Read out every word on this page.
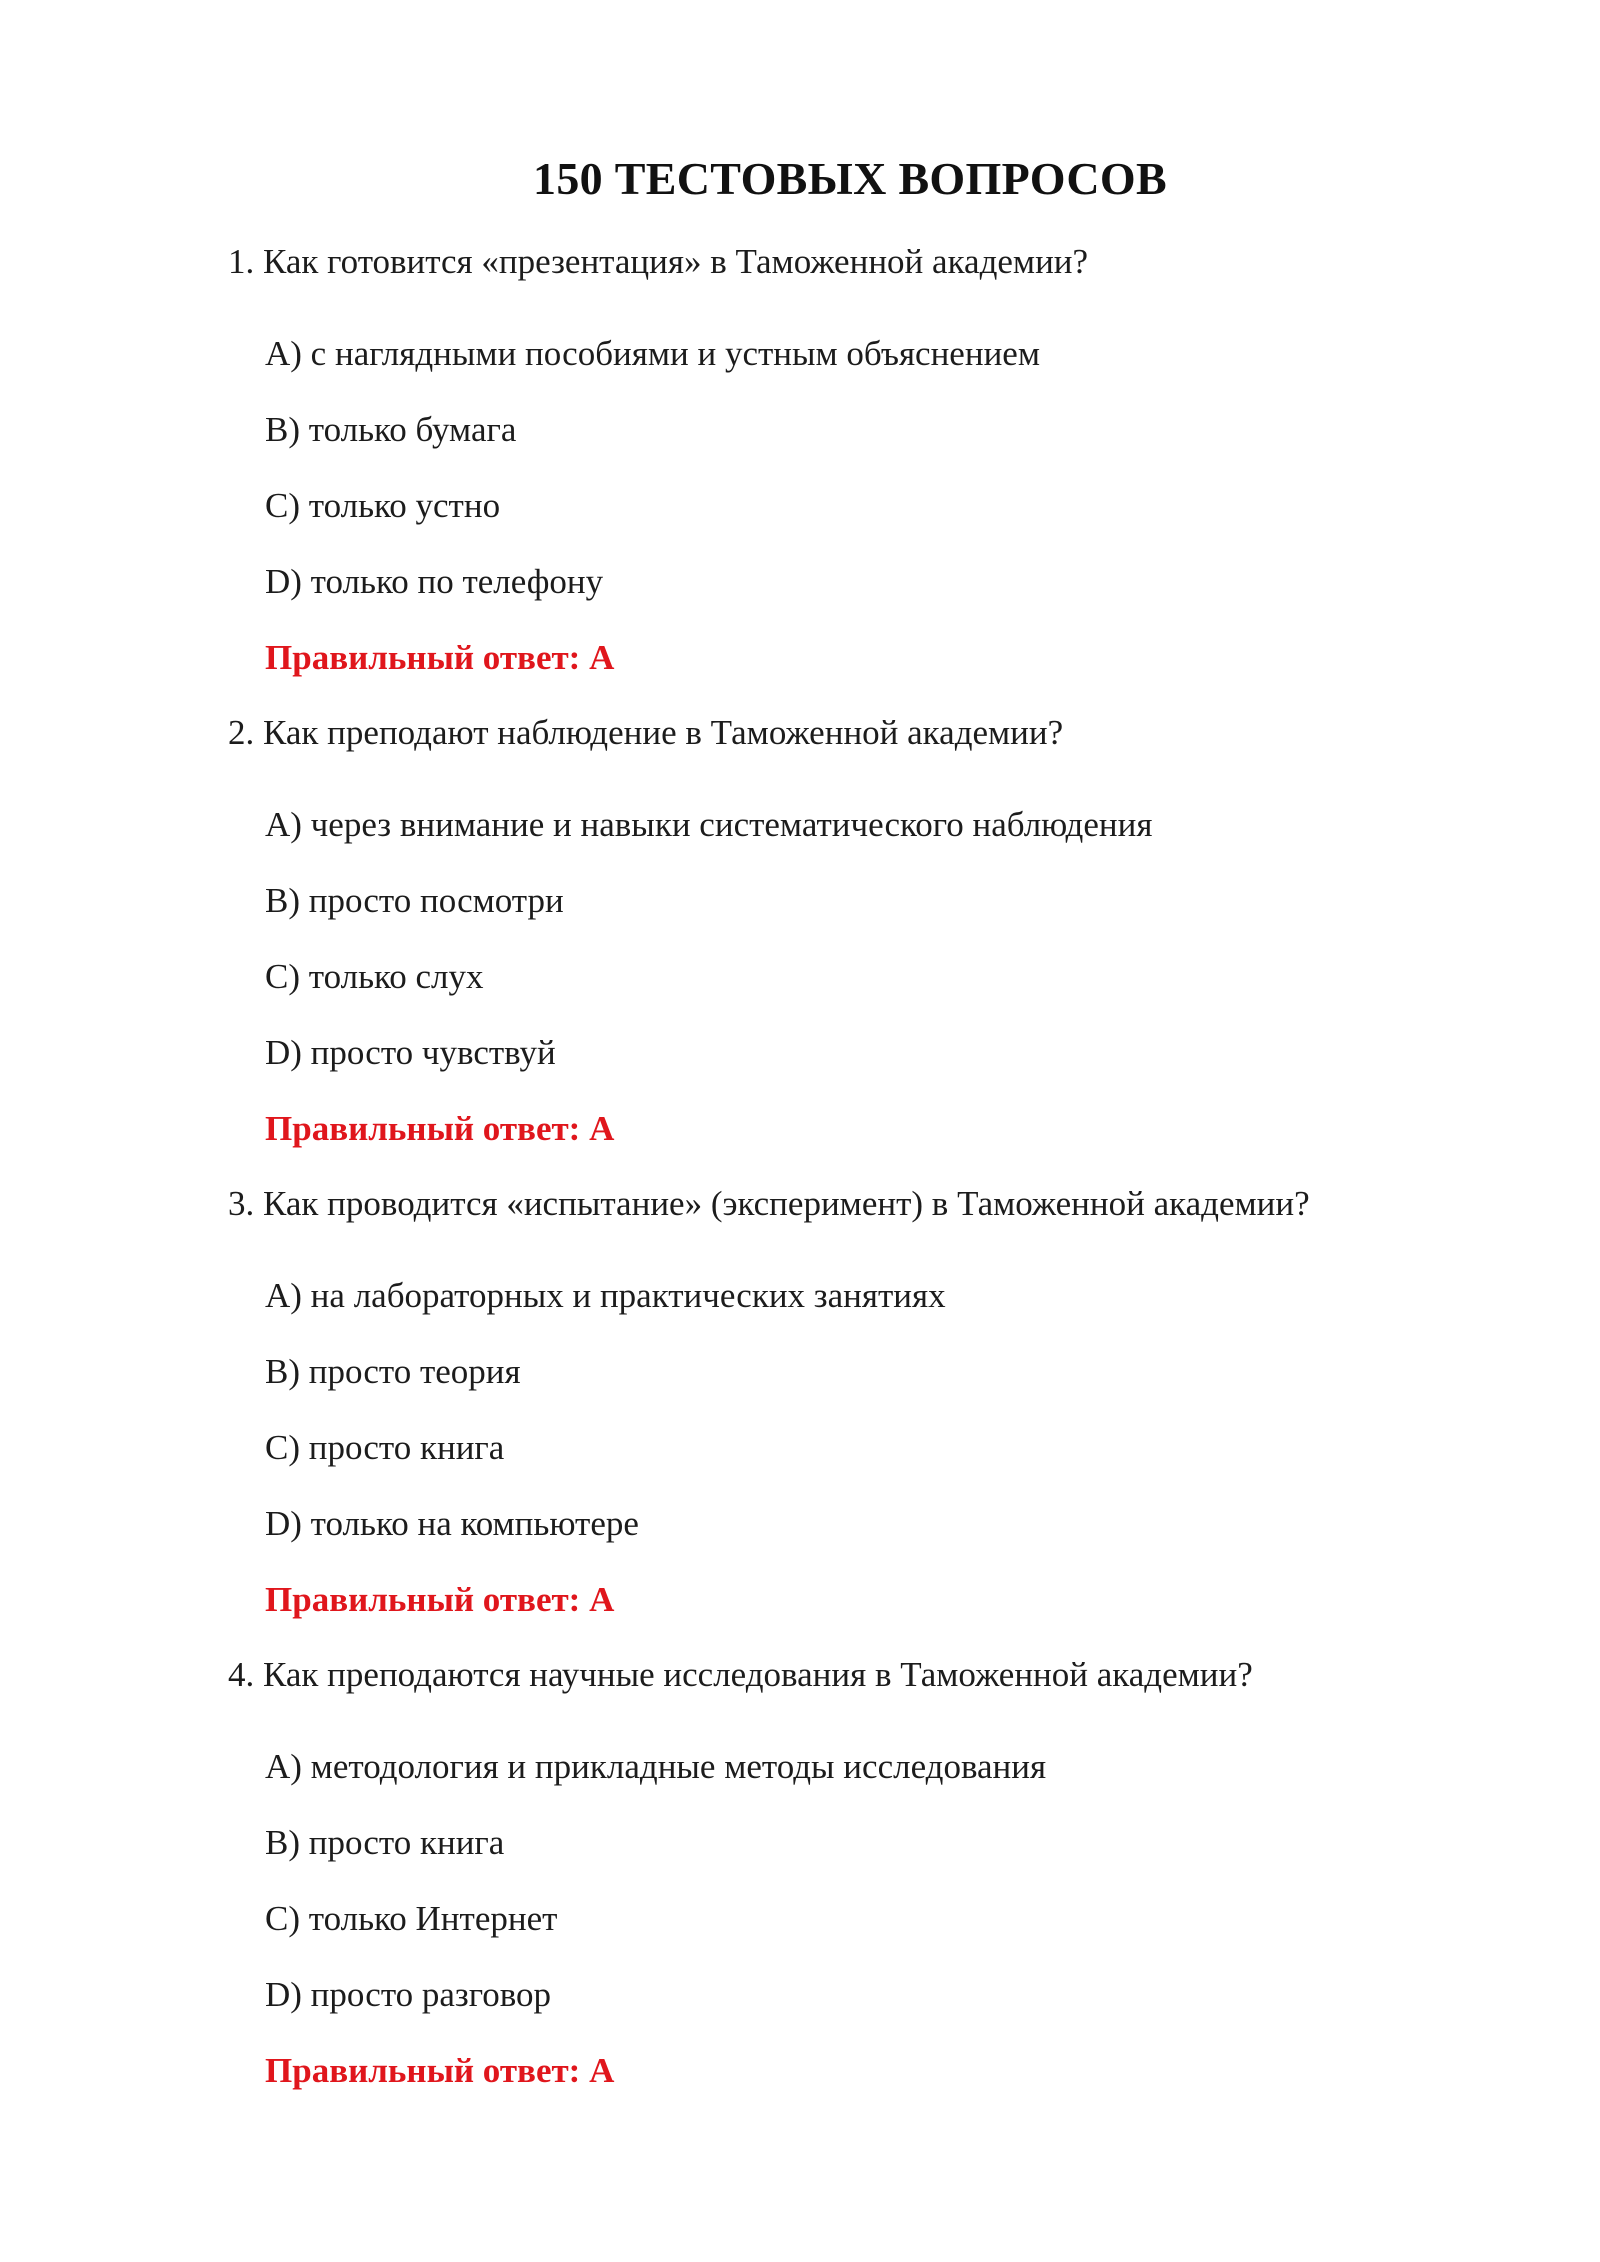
150 ТЕСТОВЫХ ВОПРОСОВ
1. Как готовится «презентация» в Таможенной академии?
A) с наглядными пособиями и устным объяснением
B) только бумага
C) только устно
D) только по телефону
Правильный ответ: A
2. Как преподают наблюдение в Таможенной академии?
A) через внимание и навыки систематического наблюдения
B) просто посмотри
C) только слух
D) просто чувствуй
Правильный ответ: A
3. Как проводится «испытание» (эксперимент) в Таможенной академии?
A) на лабораторных и практических занятиях
B) просто теория
C) просто книга
D) только на компьютере
Правильный ответ: A
4. Как преподаются научные исследования в Таможенной академии?
A) методология и прикладные методы исследования
B) просто книга
C) только Интернет
D) просто разговор
Правильный ответ: A
